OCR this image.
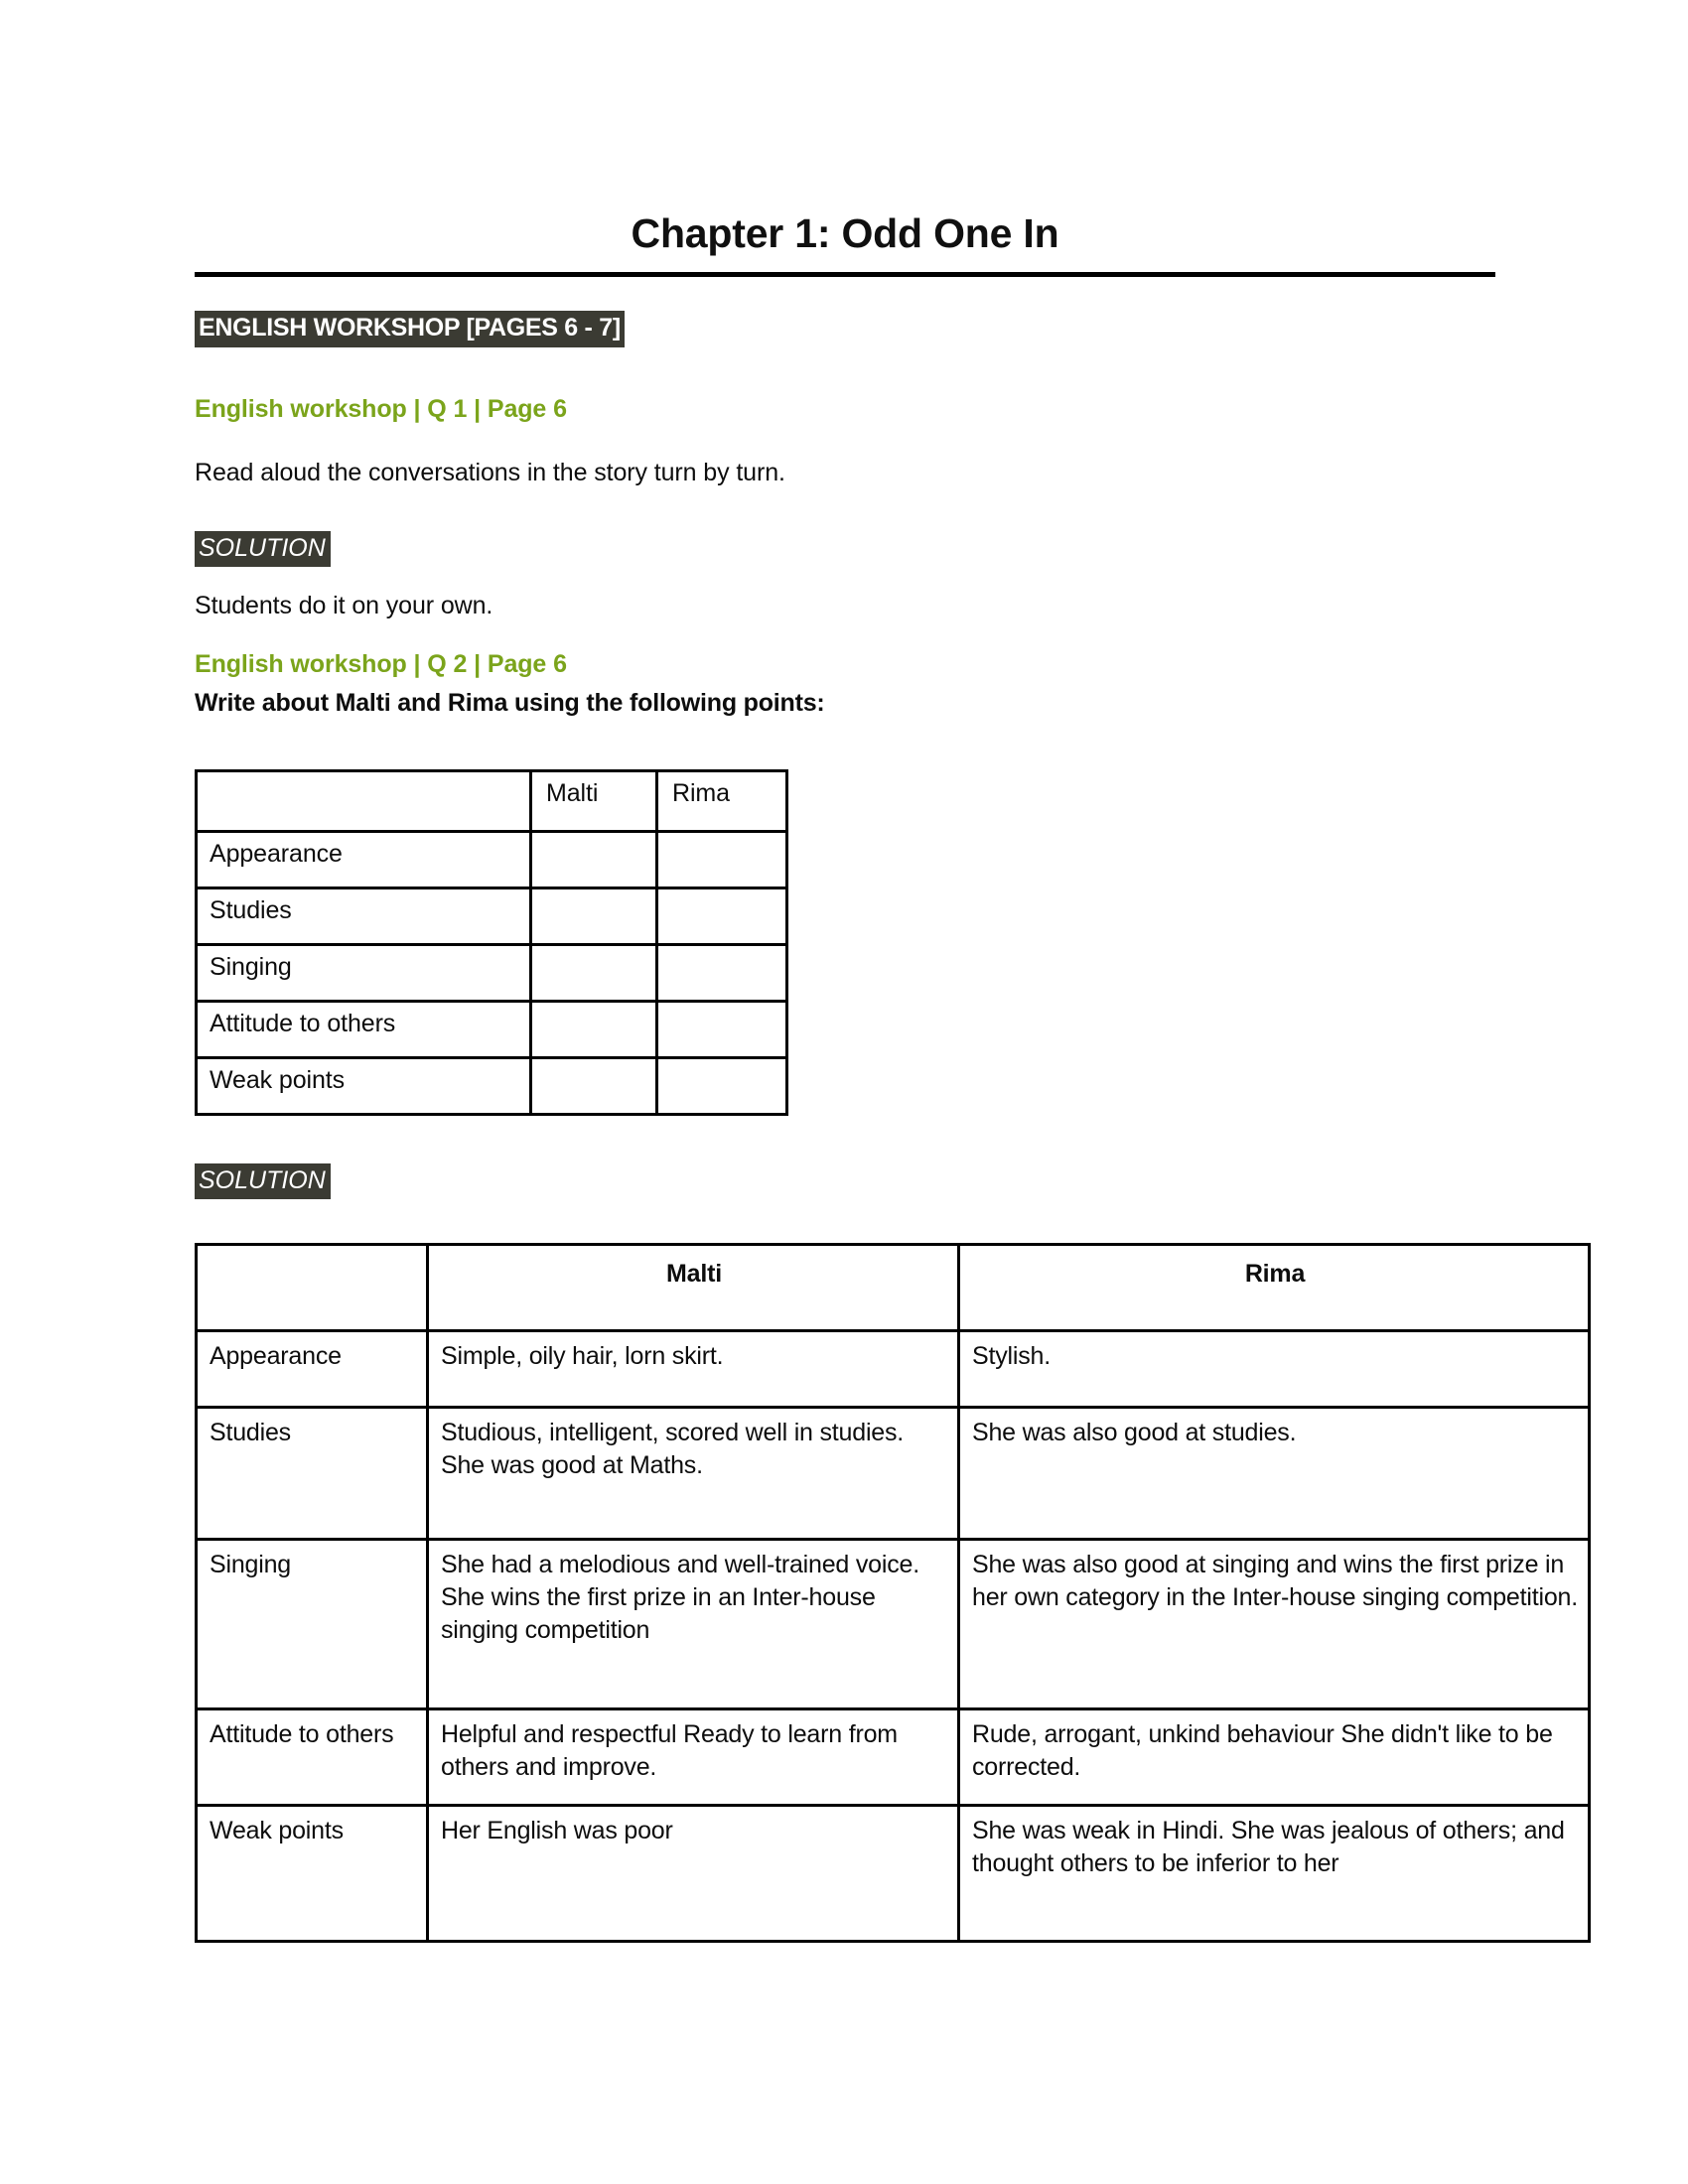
Chapter 1: Odd One In
ENGLISH WORKSHOP [PAGES 6 - 7]
English workshop | Q 1 | Page 6
Read aloud the conversations in the story turn by turn.
SOLUTION
Students do it on your own.
English workshop | Q 2 | Page 6
Write about Malti and Rima using the following points:
	Malti	Rima
Appearance		
Studies		
Singing		
Attitude to others		
Weak points		
SOLUTION
	Malti	Rima
Appearance	Simple, oily hair, lorn skirt.	Stylish.
Studies	Studious, intelligent, scored well in studies. She was good at Maths.	She was also good at studies.
Singing	She had a melodious and well-trained voice. She wins the first prize in an Inter-house singing competition	She was also good at singing and wins the first prize in her own category in the Inter-house singing competition.
Attitude to others	Helpful and respectful Ready to learn from others and improve.	Rude, arrogant, unkind behaviour She didn't like to be corrected.
Weak points	Her English was poor	She was weak in Hindi. She was jealous of others; and thought others to be inferior to her
